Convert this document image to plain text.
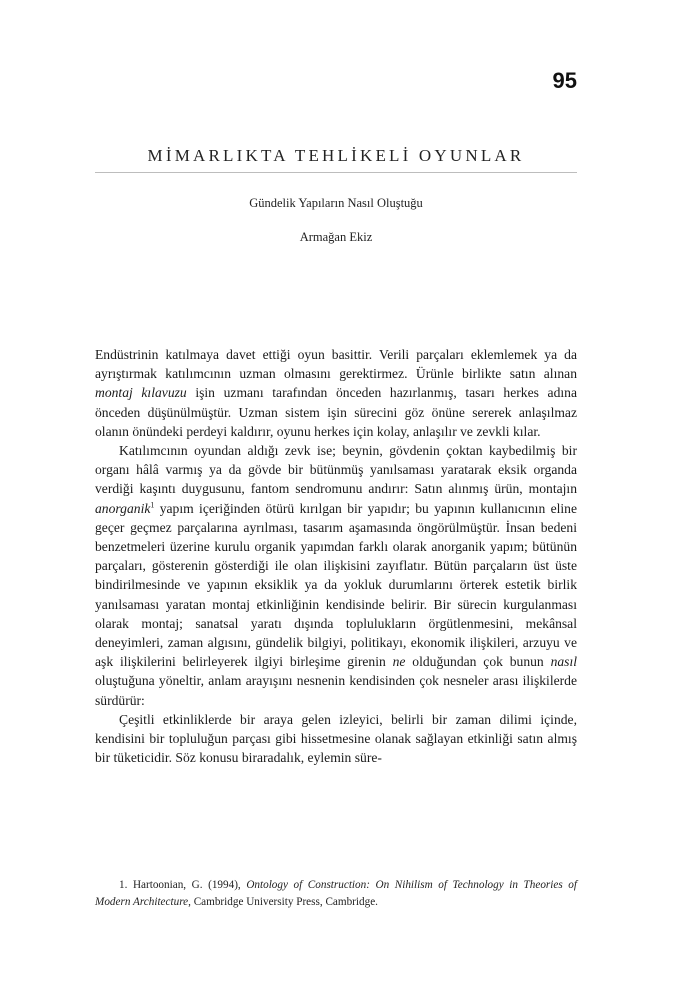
95
MİMARLIKTA TEHLİKELİ OYUNLAR
Gündelik Yapıların Nasıl Oluştuğu
Armağan Ekiz

Endüstrinin katılmaya davet ettiği oyun basittir. Verili parçaları eklemlemek ya da ayrıştırmak katılımcının uzman olmasını gerektirmez. Ürünle birlikte satın alınan montaj kılavuzu işin uzmanı tarafından önceden hazırlanmış, tasarı herkes adına önceden düşünülmüştür. Uzman sistem işin sürecini göz önüne sererek anlaşılmaz olanın önündeki perdeyi kaldırır, oyunu herkes için kolay, anlaşılır ve zevkli kılar.

Katılımcının oyundan aldığı zevk ise; beynin, gövdenin çoktan kaybedilmiş bir organı hâlâ varmış ya da gövde bir bütünmüş yanılsaması yaratarak eksik organda verdiği kaşıntı duygusunu, fantom sendromunu andırır: Satın alınmış ürün, montajın anorganik$^1$ yapım içeriğinden ötürü kırılgan bir yapıdır; bu yapının kullanıcının eline geçer geçmez parçalarına ayrılması, tasarım aşamasında öngörülmüştür. İnsan bedeni benzetmeleri üzerine kurulu organik yapımdan farklı olarak anorganik yapım; bütünün parçaları, gösterenin gösterdiği ile olan ilişkisini zayıflatır. Bütün parçaların üst üste bindirilmesinde ve yapının eksiklik ya da yokluk durumlarını örterek estetik birlik yanılsaması yaratan montaj etkinliğinin kendisinde belirir. Bir sürecin kurgulanması olarak montaj; sanatsal yaratı dışında toplulukların örgütlenmesini, mekânsal deneyimleri, zaman algısını, gündelik bilgiyi, politikayı, ekonomik ilişkileri, arzuyu ve aşk ilişkilerini belirleyerek ilgiyi birleşime girenin ne olduğundan çok bunun nasıl oluştuğuna yöneltir, anlam arayışını nesnenin kendisinden çok nesneler arası ilişkilerde sürdürür:

Çeşitli etkinliklerde bir araya gelen izleyici, belirli bir zaman dilimi içinde, kendisini bir topluluğun parçası gibi hissetmesine olanak sağlayan etkinliği satın almış bir tüketicidir. Söz konusu biraradalık, eylemin süre-

1. Hartoonian, G. (1994), Ontology of Construction: On Nihilism of Technology in Theories of Modern Architecture, Cambridge University Press, Cambridge.
